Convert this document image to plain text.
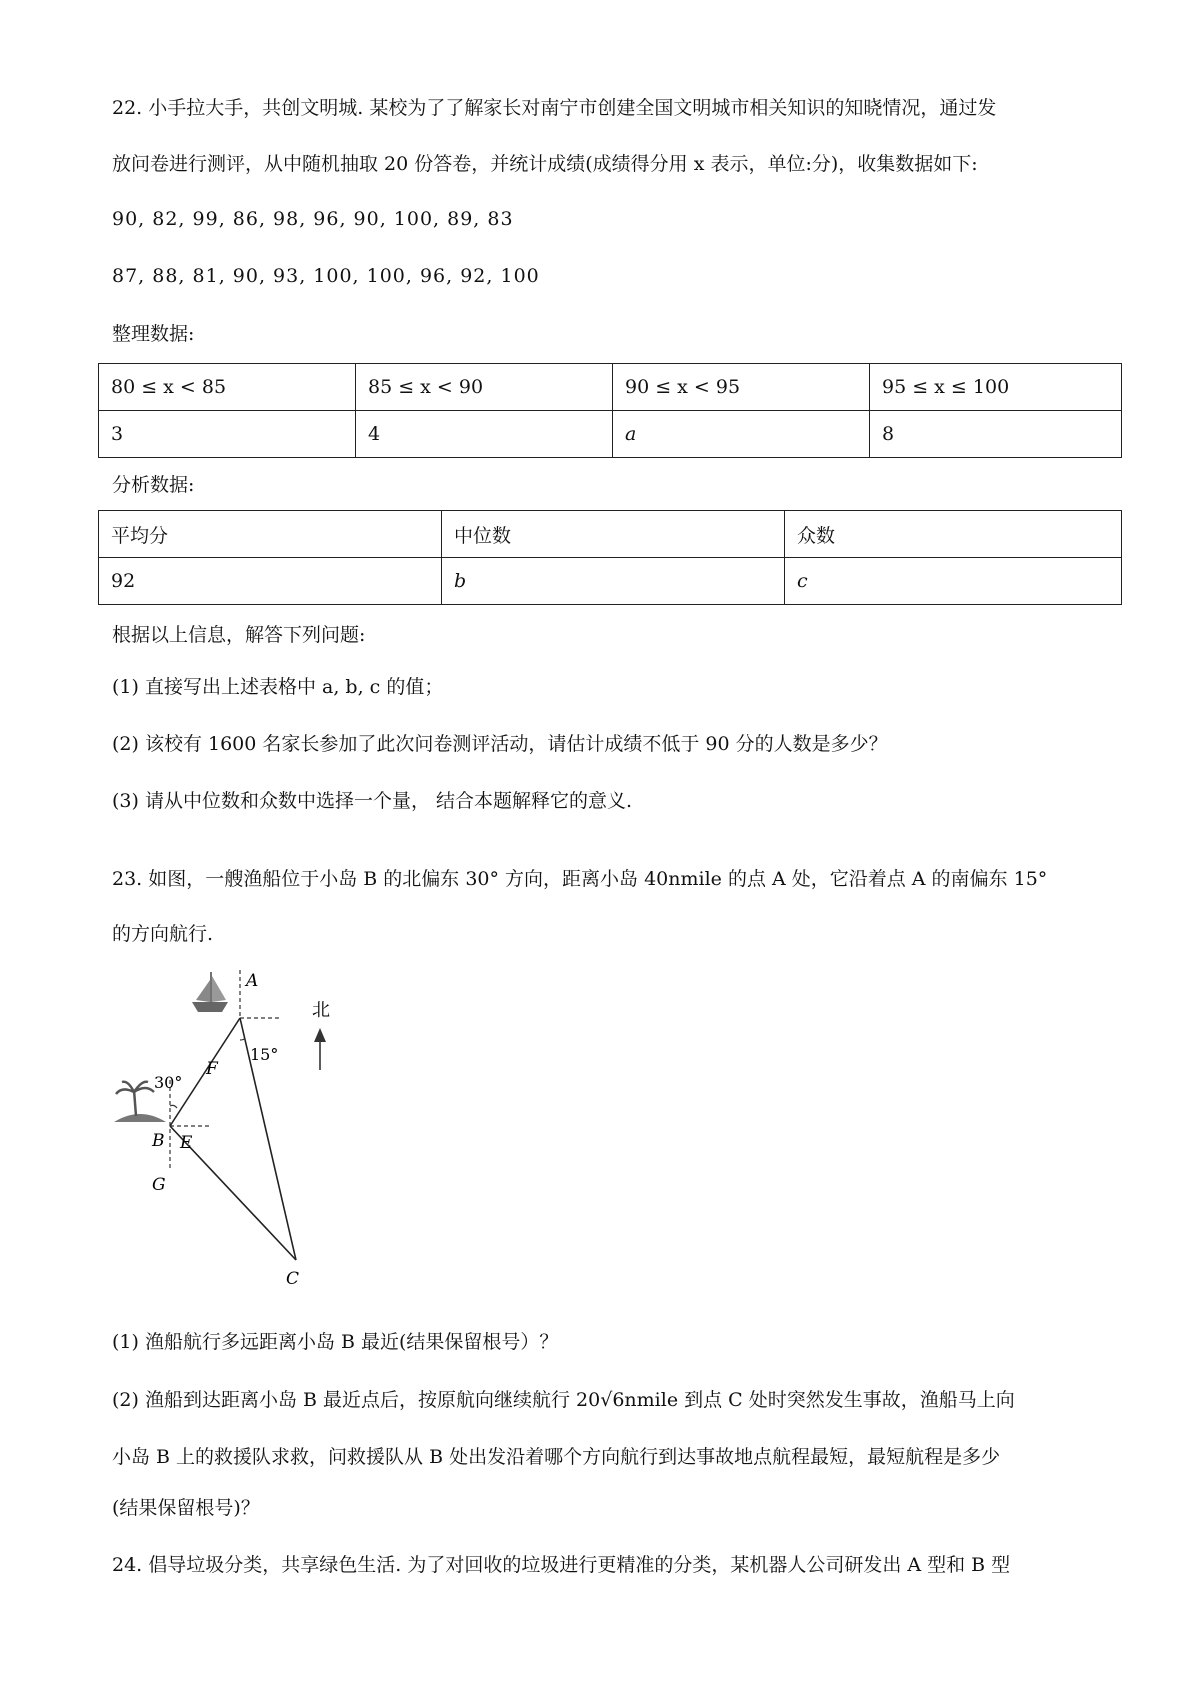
22. 小手拉大手，共创文明城. 某校为了了解家长对南宁市创建全国文明城市相关知识的知晓情况，通过发
放问卷进行测评，从中随机抽取 20 份答卷，并统计成绩(成绩得分用 x 表示，单位:分)，收集数据如下:
90, 82, 99, 86, 98, 96, 90, 100, 89, 83
87, 88, 81, 90, 93, 100, 100, 96, 92, 100
整理数据:
80 ≤ x < 85	85 ≤ x < 90	90 ≤ x < 95	95 ≤ x ≤ 100
3	4	a	8
分析数据:
平均分	中位数	众数
92	b	c
根据以上信息，解答下列问题:
(1) 直接写出上述表格中 a, b, c 的值；
(2) 该校有 1600 名家长参加了此次问卷测评活动，请估计成绩不低于 90 分的人数是多少？
(3) 请从中位数和众数中选择一个量， 结合本题解释它的意义.
23. 如图，一艘渔船位于小岛 B 的北偏东 30° 方向，距离小岛 40nmile 的点 A 处，它沿着点 A 的南偏东 15°
的方向航行.
A
B
C
E
F
G
30°
15°
北
(1) 渔船航行多远距离小岛 B 最近(结果保留根号）？
(2) 渔船到达距离小岛 B 最近点后，按原航向继续航行 20√6nmile 到点 C 处时突然发生事故，渔船马上向
小岛 B 上的救援队求救，问救援队从 B 处出发沿着哪个方向航行到达事故地点航程最短，最短航程是多少
(结果保留根号)？
24. 倡导垃圾分类，共享绿色生活. 为了对回收的垃圾进行更精准的分类，某机器人公司研发出 A 型和 B 型
